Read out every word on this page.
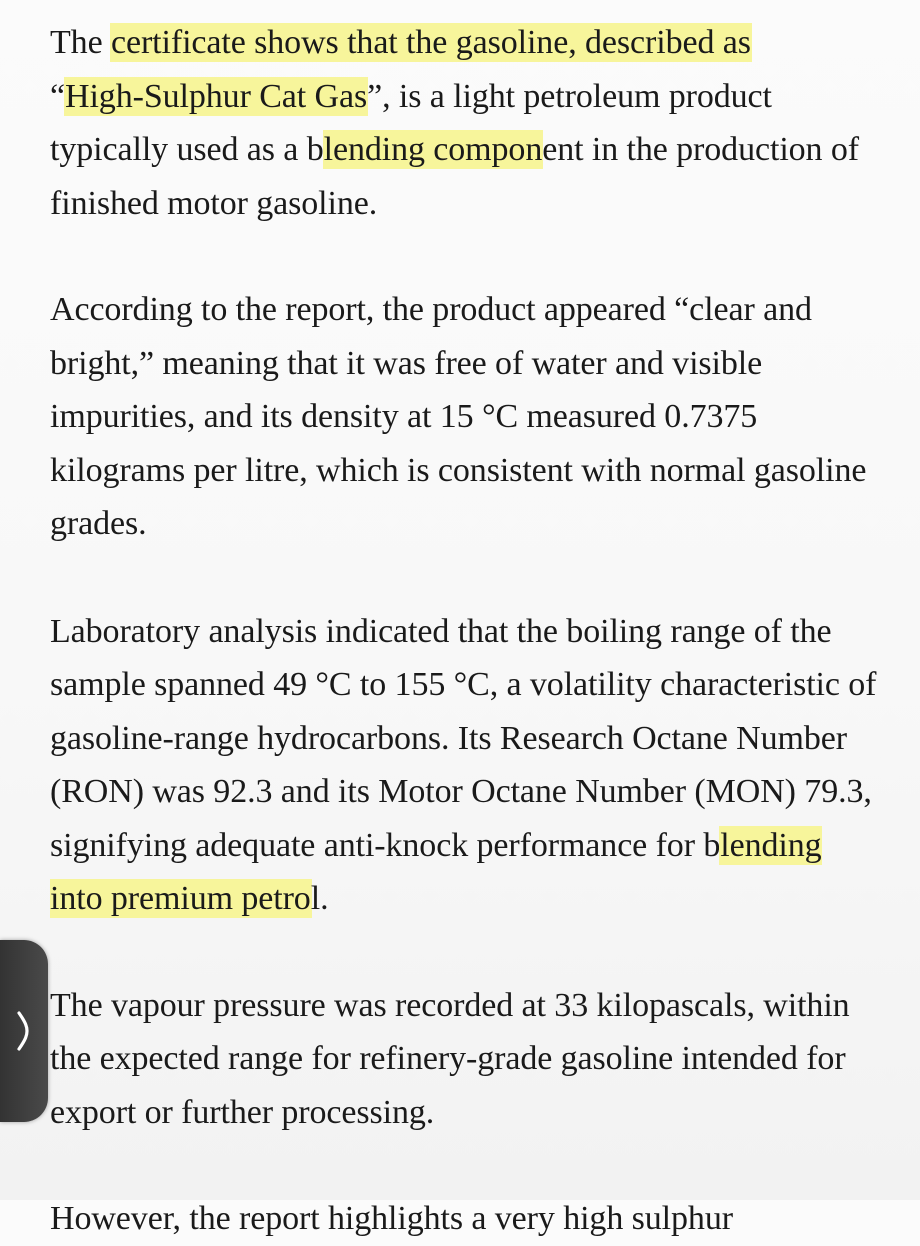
The certificate shows that the gasoline, described as
“High-Sulphur Cat Gas”, is a light petroleum product typically used as a blending component in the production of finished motor gasoline.

According to the report, the product appeared “clear and bright,” meaning that it was free of water and visible impurities, and its density at 15 °C measured 0.7375 kilograms per litre, which is consistent with normal gasoline grades.

Laboratory analysis indicated that the boiling range of the sample spanned 49 °C to 155 °C, a volatility characteristic of gasoline-range hydrocarbons. Its Research Octane Number (RON) was 92.3 and its Motor Octane Number (MON) 79.3, signifying adequate anti-knock performance for blending into premium petrol.

The vapour pressure was recorded at 33 kilopascals, within the expected range for refinery-grade gasoline intended for export or further processing.

However, the report highlights a very high sulphur
